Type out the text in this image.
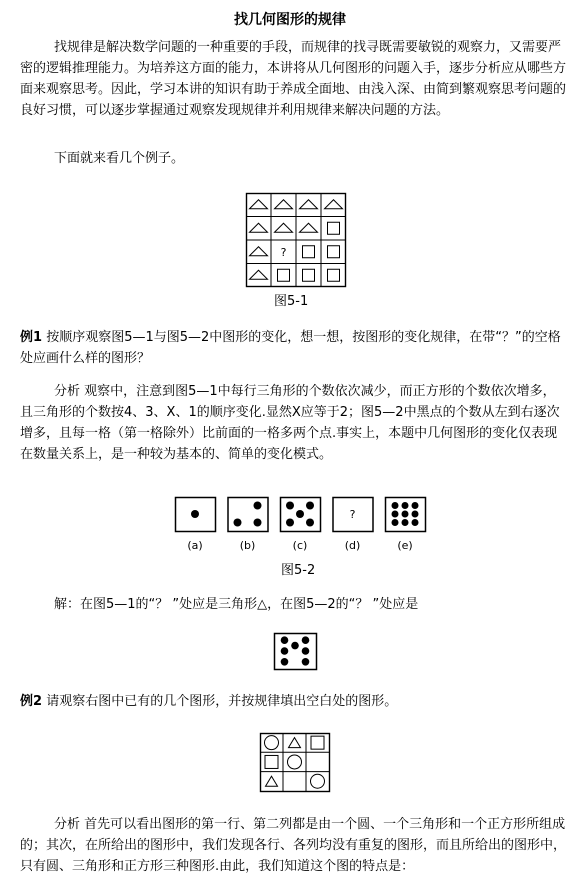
找几何图形的规律

找规律是解决数学问题的一种重要的手段，而规律的找寻既需要敏锐的观察力，又需要严密的逻辑推理能力。为培养这方面的能力，本讲将从几何图形的问题入手，逐步分析应从哪些方面来观察思考。因此，学习本讲的知识有助于养成全面地、由浅入深、由简到繁观察思考问题的良好习惯，可以逐步掌握通过观察发现规律并利用规律来解决问题的方法。

下面就来看几个例子。

?
图5-1

例1 按顺序观察图5—1与图5—2中图形的变化，想一想，按图形的变化规律，在带“？”的空格处应画什么样的图形？

分析 观察中，注意到图5—1中每行三角形的个数依次减少，而正方形的个数依次增多，且三角形的个数按4、3、X、1的顺序变化.显然X应等于2；图5—2中黑点的个数从左到右逐次增多，且每一格（第一格除外）比前面的一格多两个点.事实上，本题中几何图形的变化仅表现在数量关系上，是一种较为基本的、简单的变化模式。

(a)	(b)	(c)
?
(d)	(e)
图5-2

解：在图5—1的“？ ”处应是三角形△，在图5—2的“？ ”处应是

例2 请观察右图中已有的几个图形，并按规律填出空白处的图形。

分析 首先可以看出图形的第一行、第二列都是由一个圆、一个三角形和一个正方形所组成的；其次，在所给出的图形中，我们发现各行、各列均没有重复的图形，而且所给出的图形中，只有圆、三角形和正方形三种图形.由此，我们知道这个图的特点是：
